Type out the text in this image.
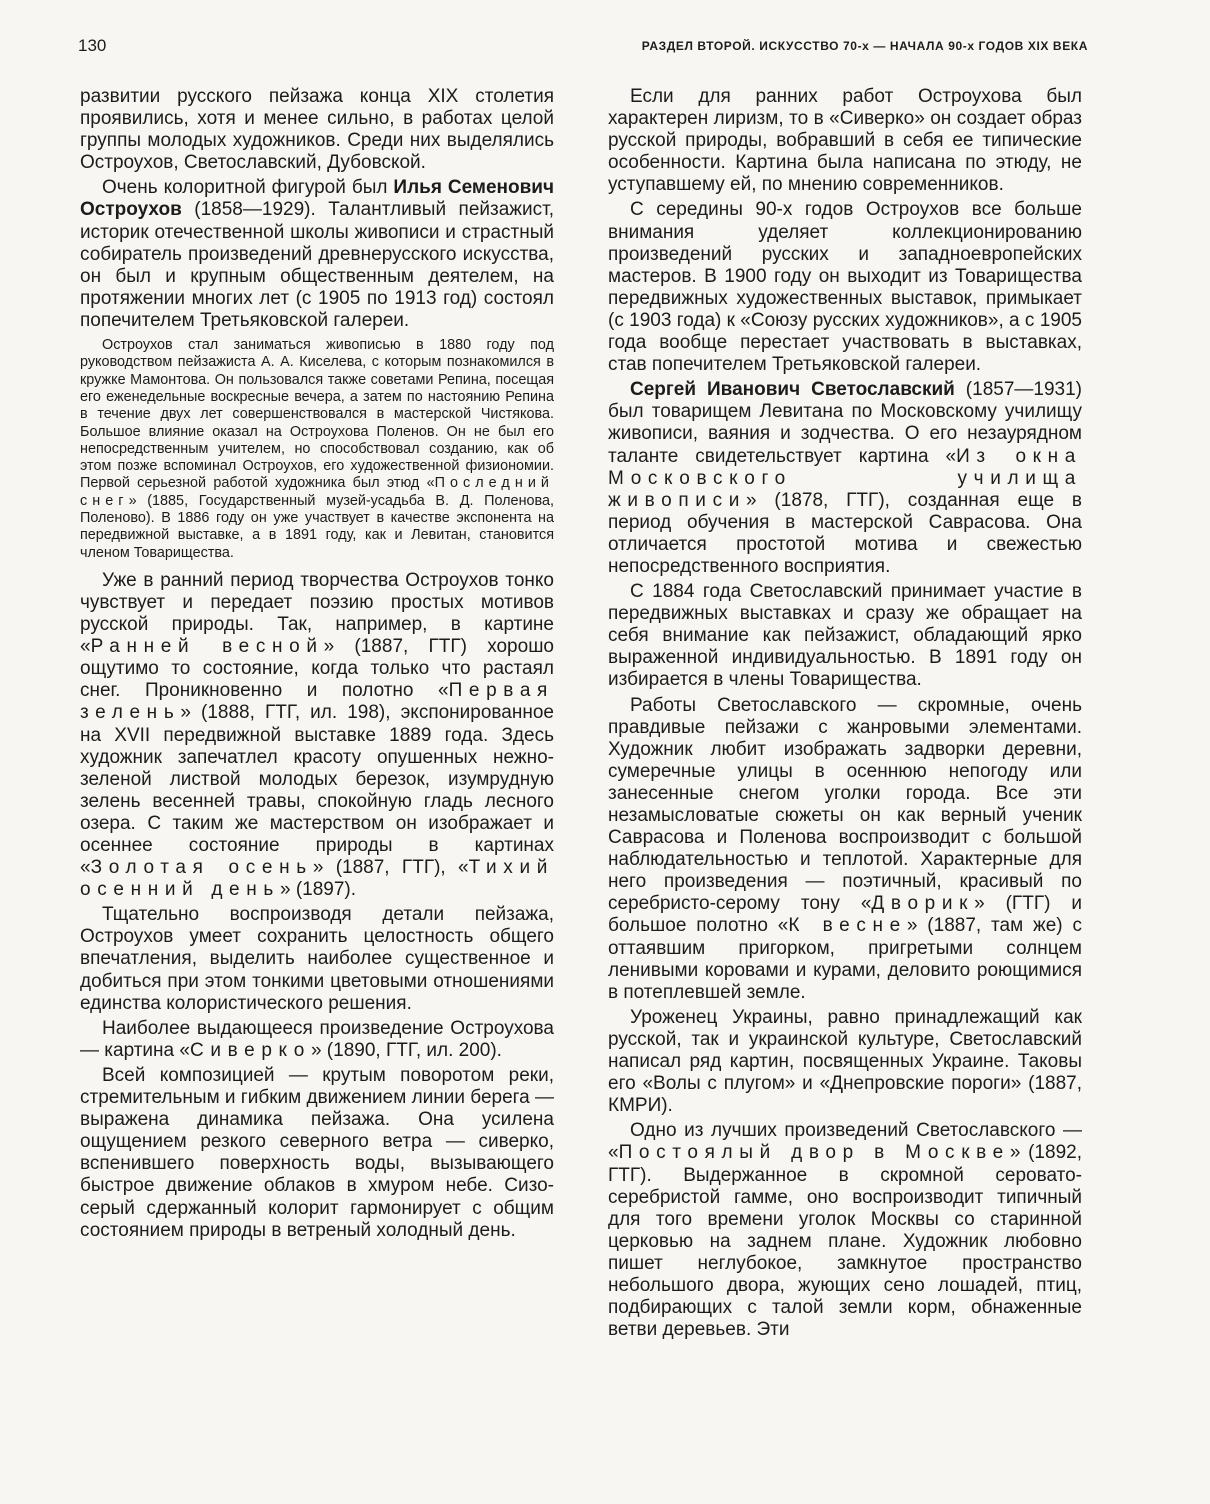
130	РАЗДЕЛ ВТОРОЙ. ИСКУССТВО 70-х — НАЧАЛА 90-х ГОДОВ XIX ВЕКА

развитии русского пейзажа конца XIX столетия проявились, хотя и менее сильно, в работах целой группы молодых художников. Среди них выделялись Остроухов, Светославский, Дубовской.

Очень колоритной фигурой был Илья Семенович Остроухов (1858—1929). Талантливый пейзажист, историк отечественной школы живописи и страстный собиратель произведений древнерусского искусства, он был и крупным общественным деятелем, на протяжении многих лет (с 1905 по 1913 год) состоял попечителем Третьяковской галереи.

Остроухов стал заниматься живописью в 1880 году под руководством пейзажиста А. А. Киселева, с которым познакомился в кружке Мамонтова. Он пользовался также советами Репина, посещая его еженедельные воскресные вечера, а затем по настоянию Репина в течение двух лет совершенствовался в мастерской Чистякова. Большое влияние оказал на Остроухова Поленов. Он не был его непосредственным учителем, но способствовал созданию, как об этом позже вспоминал Остроухов, его художественной физиономии. Первой серьезной работой художника был этюд «Последний снег» (1885, Государственный музей-усадьба В. Д. Поленова, Поленово). В 1886 году он уже участвует в качестве экспонента на передвижной выставке, а в 1891 году, как и Левитан, становится членом Товарищества.

Уже в ранний период творчества Остроухов тонко чувствует и передает поэзию простых мотивов русской природы. Так, например, в картине «Ранней весной» (1887, ГТГ) хорошо ощутимо то состояние, когда только что растаял снег. Проникновенно и полотно «Первая зелень» (1888, ГТГ, ил. 198), экспонированное на XVII передвижной выставке 1889 года. Здесь художник запечатлел красоту опушенных нежно-зеленой листвой молодых березок, изумрудную зелень весенней травы, спокойную гладь лесного озера. С таким же мастерством он изображает и осеннее состояние природы в картинах «Золотая осень» (1887, ГТГ), «Тихий осенний день» (1897).

Тщательно воспроизводя детали пейзажа, Остроухов умеет сохранить целостность общего впечатления, выделить наиболее существенное и добиться при этом тонкими цветовыми отношениями единства колористического решения.

Наиболее выдающееся произведение Остроухова — картина «Сиверко» (1890, ГТГ, ил. 200).

Всей композицией — крутым поворотом реки, стремительным и гибким движением линии берега — выражена динамика пейзажа. Она усилена ощущением резкого северного ветра — сиверко, вспенившего поверхность воды, вызывающего быстрое движение облаков в хмуром небе. Сизо-серый сдержанный колорит гармонирует с общим состоянием природы в ветреный холодный день.

Если для ранних работ Остроухова был характерен лиризм, то в «Сиверко» он создает образ русской природы, вобравший в себя ее типические особенности. Картина была написана по этюду, не уступавшему ей, по мнению современников.

С середины 90-х годов Остроухов все больше внимания уделяет коллекционированию произведений русских и западноевропейских мастеров. В 1900 году он выходит из Товарищества передвижных художественных выставок, примыкает (с 1903 года) к «Союзу русских художников», а с 1905 года вообще перестает участвовать в выставках, став попечителем Третьяковской галереи.

Сергей Иванович Светославский (1857—1931) был товарищем Левитана по Московскому училищу живописи, ваяния и зодчества. О его незаурядном таланте свидетельствует картина «Из окна Московского училища живописи» (1878, ГТГ), созданная еще в период обучения в мастерской Саврасова. Она отличается простотой мотива и свежестью непосредственного восприятия.

С 1884 года Светославский принимает участие в передвижных выставках и сразу же обращает на себя внимание как пейзажист, обладающий ярко выраженной индивидуальностью. В 1891 году он избирается в члены Товарищества.

Работы Светославского — скромные, очень правдивые пейзажи с жанровыми элементами. Художник любит изображать задворки деревни, сумеречные улицы в осеннюю непогоду или занесенные снегом уголки города. Все эти незамысловатые сюжеты он как верный ученик Саврасова и Поленова воспроизводит с большой наблюдательностью и теплотой. Характерные для него произведения — поэтичный, красивый по серебристо-серому тону «Дворик» (ГТГ) и большое полотно «К весне» (1887, там же) с оттаявшим пригорком, пригретыми солнцем ленивыми коровами и курами, деловито роющимися в потеплевшей земле.

Уроженец Украины, равно принадлежащий как русской, так и украинской культуре, Светославский написал ряд картин, посвященных Украине. Таковы его «Волы с плугом» и «Днепровские пороги» (1887, КМРИ).

Одно из лучших произведений Светославского — «Постоялый двор в Москве» (1892, ГТГ). Выдержанное в скромной серовато-серебристой гамме, оно воспроизводит типичный для того времени уголок Москвы со старинной церковью на заднем плане. Художник любовно пишет неглубокое, замкнутое пространство небольшого двора, жующих сено лошадей, птиц, подбирающих с талой земли корм, обнаженные ветви деревьев. Эти
